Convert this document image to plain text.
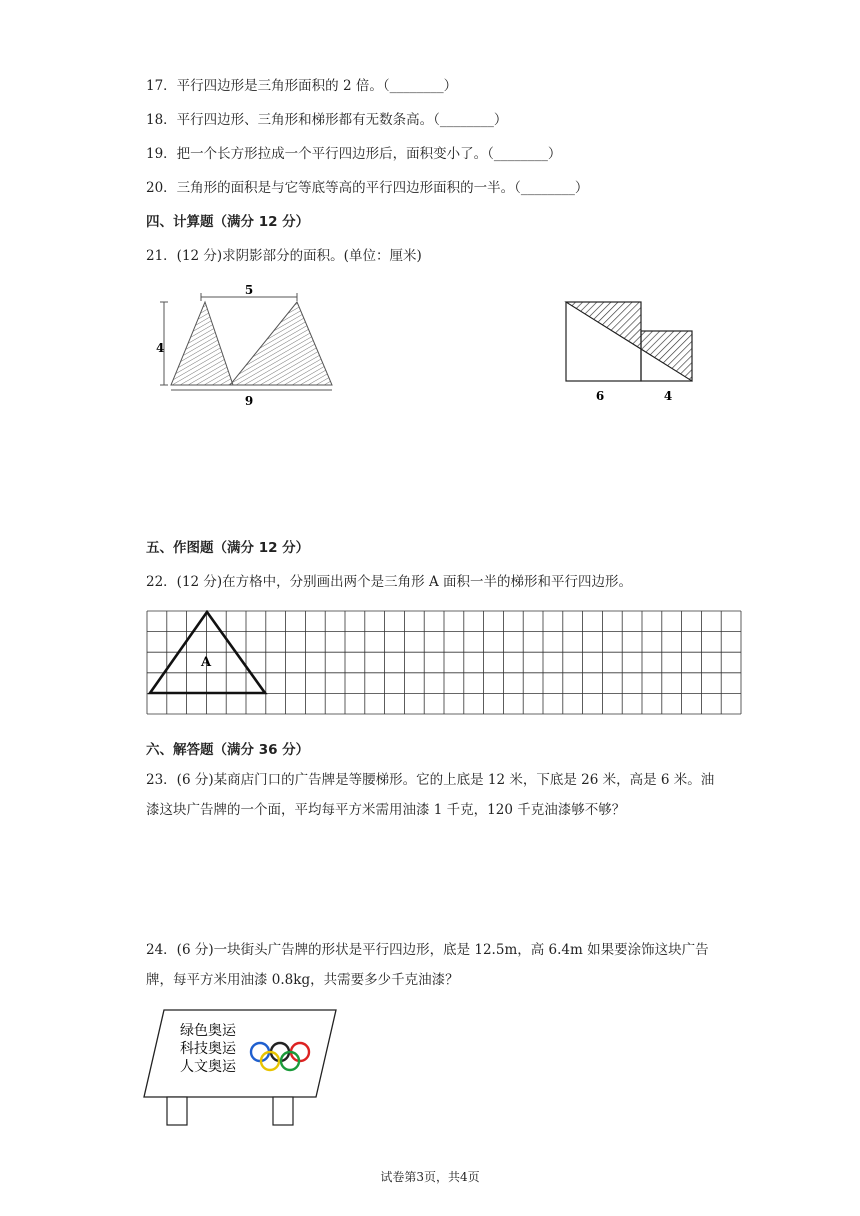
17．平行四边形是三角形面积的 2 倍。（________）
18．平行四边形、三角形和梯形都有无数条高。（________）
19．把一个长方形拉成一个平行四边形后，面积变小了。（________）
20．三角形的面积是与它等底等高的平行四边形面积的一半。（________）
四、计算题（满分 12 分）
21．(12 分)求阴影部分的面积。(单位：厘米)
5
4
9	6	4
五、作图题（满分 12 分）
22．(12 分)在方格中，分别画出两个是三角形 A 面积一半的梯形和平行四边形。
A
六、解答题（满分 36 分）
23．(6 分)某商店门口的广告牌是等腰梯形。它的上底是 12 米，下底是 26 米，高是 6 米。油漆这块广告牌的一个面，平均每平方米需用油漆 1 千克，120 千克油漆够不够？
24．(6 分)一块街头广告牌的形状是平行四边形，底是 12.5m，高 6.4m 如果要涂饰这块广告牌，每平方米用油漆 0.8kg，共需要多少千克油漆？
绿色奥运
科技奥运
人文奥运
试卷第3页，共4页
